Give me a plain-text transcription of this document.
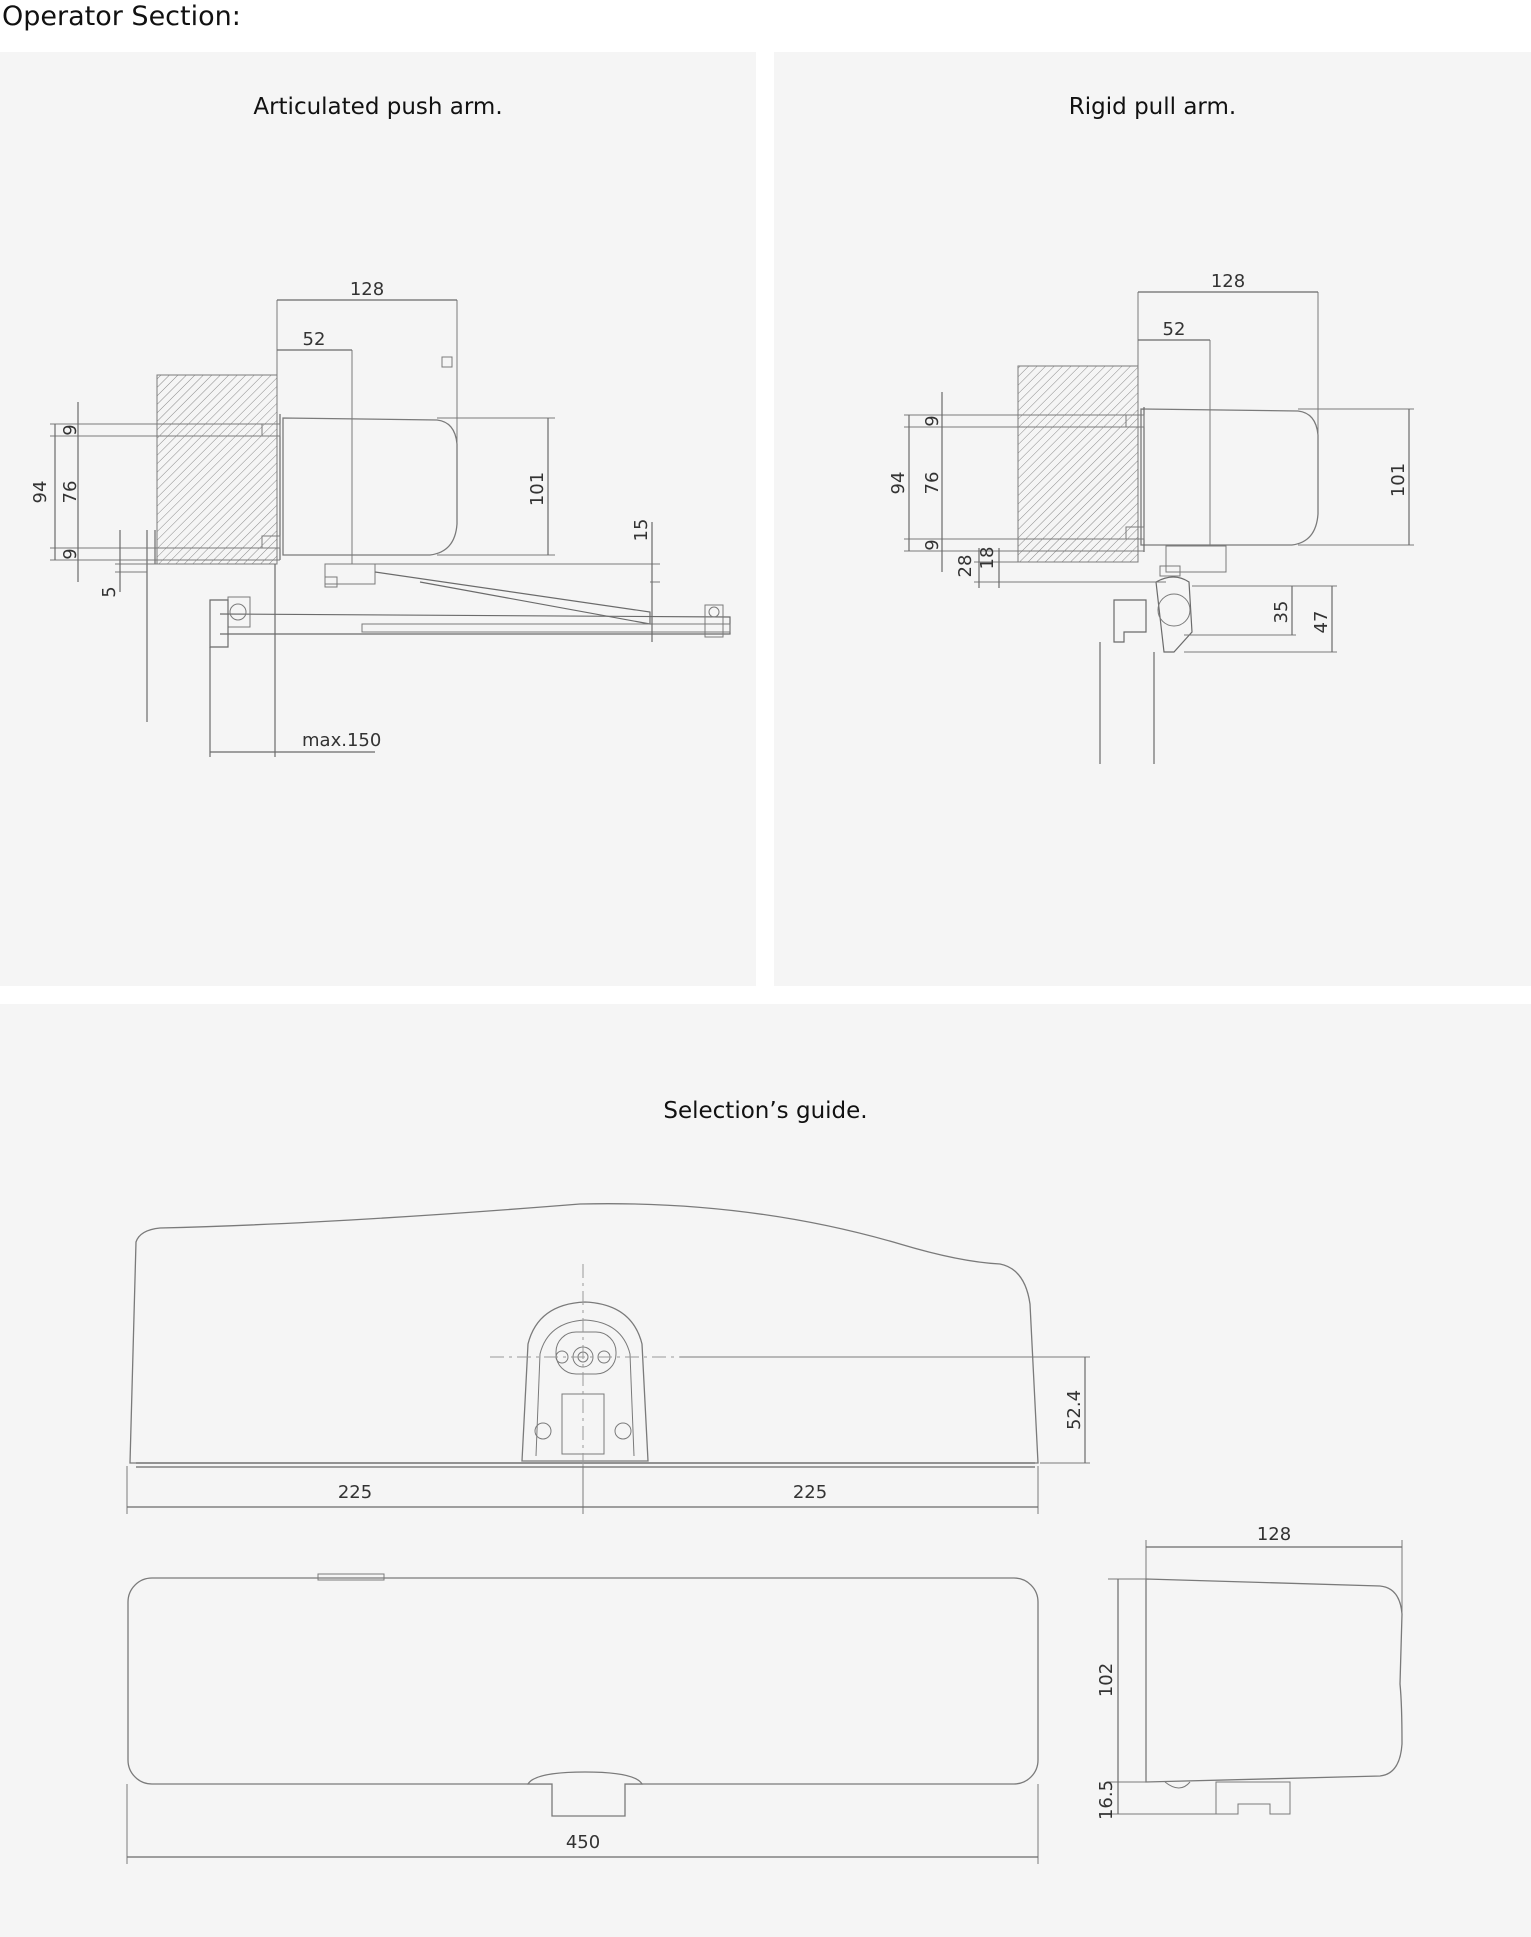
Operator Section:
Articulated push arm.
128
52
101
15
94 76
9
9
5
max.150
Rigid pull arm.
128
52
101
94 76
9
9
28 18
35 47
Selection’s guide.
52.4
225	225
450
128
102
16.5
